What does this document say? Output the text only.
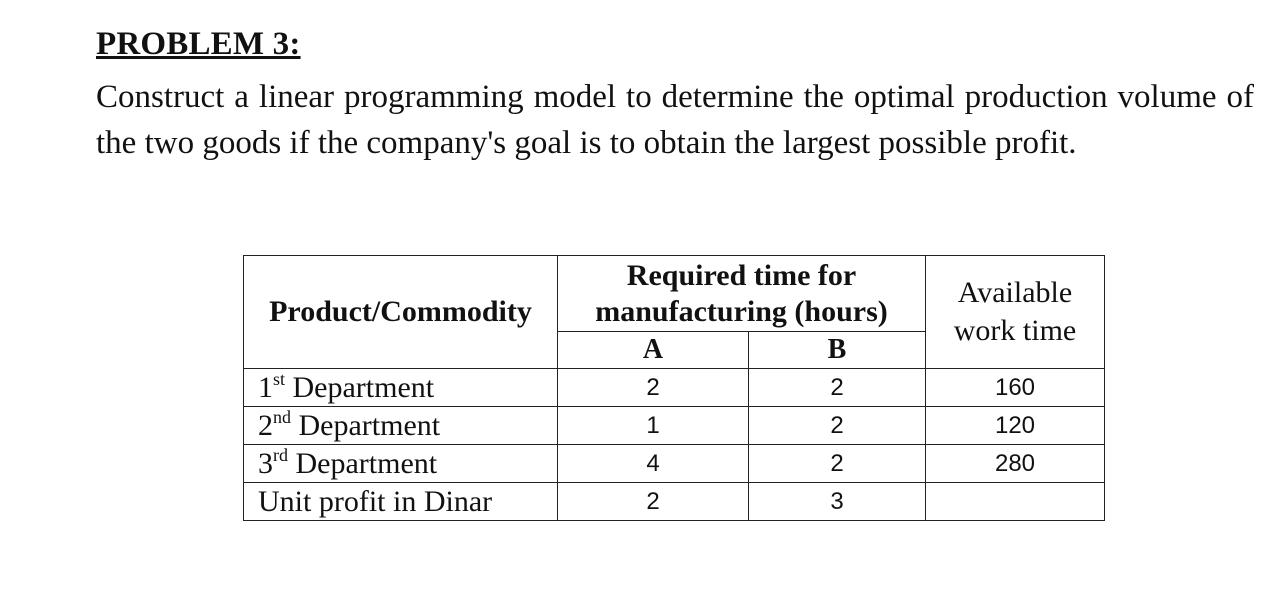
PROBLEM 3:
Construct a linear programming model to determine the optimal production volume of the two goods if the company's goal is to obtain the largest possible profit.
Product/Commodity	Required time for manufacturing (hours)		Available work time
	A	B	
1st Department	2	2	160
2nd Department	1	2	120
3rd Department	4	2	280
Unit profit in Dinar	2	3	
